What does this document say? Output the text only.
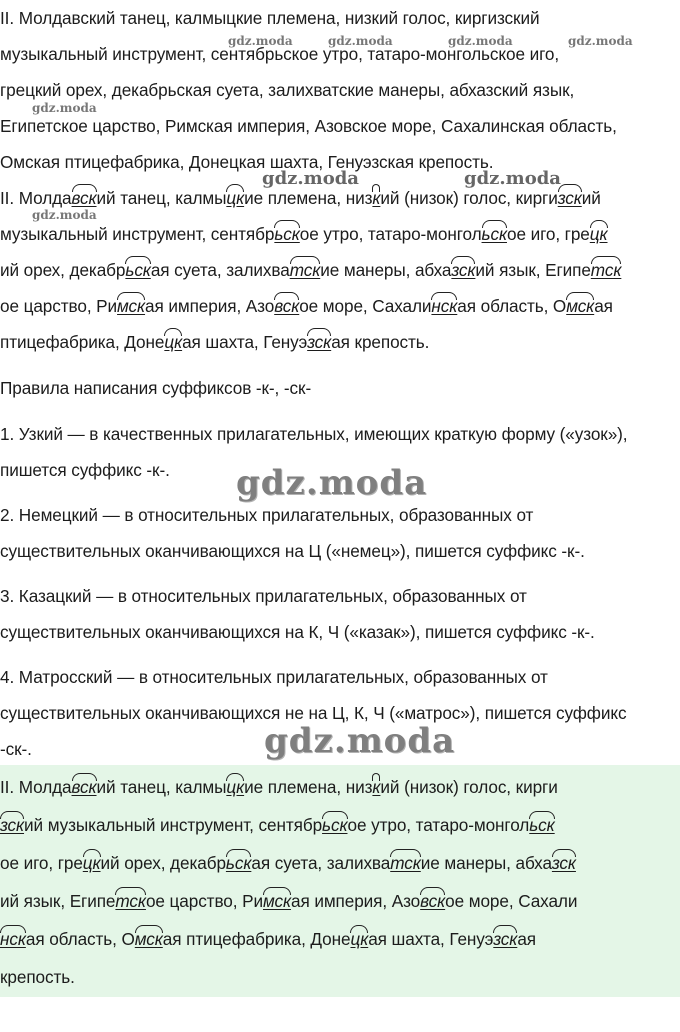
II. Молдавский танец, калмыцкие племена, низкий голос, киргизский
музыкальный инструмент, сентябрьское утро, татаро-монгольское иго,
грецкий орех, декабрьская суета, залихватские манеры, абхазский язык,
Египетское царство, Римская империя, Азовское море, Сахалинская область,
Омская птицефабрика, Донецкая шахта, Генуэзская крепость.
II. Молдавский танец, калмыцкие племена, низкий (низок) голос, киргизский
музыкальный инструмент, сентябрьское утро, татаро-монгольское иго, грецк
ий орех, декабрьская суета, залихватские манеры, абхазский язык, Египетск
ое царство, Римская империя, Азовское море, Сахалинская область, Омская
птицефабрика, Донецкая шахта, Генуэзская крепость.
Правила написания суффиксов -к-, -ск-
1. Узкий — в качественных прилагательных, имеющих краткую форму («узок»),
пишется суффикс -к-.
2. Немецкий — в относительных прилагательных, образованных от
существительных оканчивающихся на Ц («немец»), пишется суффикс -к-.
3. Казацкий — в относительных прилагательных, образованных от
существительных оканчивающихся на К, Ч («казак»), пишется суффикс -к-.
4. Матросский — в относительных прилагательных, образованных от
существительных оканчивающихся не на Ц, К, Ч («матрос»), пишется суффикс
-ск-.
II. Молдавский танец, калмыцкие племена, низкий (низок) голос, кирги
зский музыкальный инструмент, сентябрьское утро, татаро-монгольск
ое иго, грецкий орех, декабрьская суета, залихватские манеры, абхазск
ий язык, Египетское царство, Римская империя, Азовское море, Сахали
нская область, Омская птицефабрика, Донецкая шахта, Генуэзская
крепость.
gdz.moda	gdz.moda	gdz.moda	gdz.moda
gdz.moda
gdz.moda	gdz.moda
gdz.moda
gdz.moda
gdz.moda
